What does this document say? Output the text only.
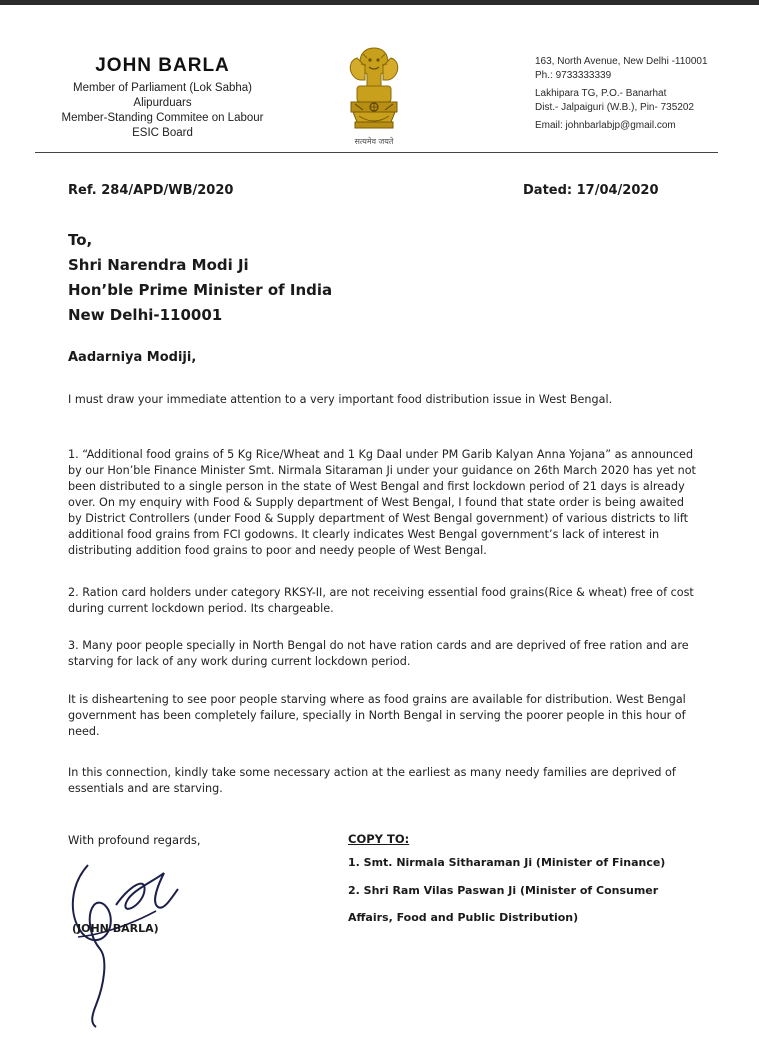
JOHN BARLA
Member of Parliament (Lok Sabha)
Alipurduars
Member-Standing Commitee on Labour
ESIC Board
सत्यमेव जयते
163, North Avenue, New Delhi -110001
Ph.: 9733333339
Lakhipara TG, P.O.- Banarhat
Dist.- Jalpaiguri (W.B.), Pin- 735202
Email: johnbarlabjp@gmail.com
Ref. 284/APD/WB/2020	Dated: 17/04/2020
To,
Shri Narendra Modi Ji
Hon’ble Prime Minister of India
New Delhi-110001
Aadarniya Modiji,
I must draw your immediate attention to a very important food distribution issue in West Bengal.
1. “Additional food grains of 5 Kg Rice/Wheat and 1 Kg Daal under PM Garib Kalyan Anna Yojana” as announced by our Hon’ble Finance Minister Smt. Nirmala Sitaraman Ji under your guidance on 26th March 2020 has yet not been distributed to a single person in the state of West Bengal and first lockdown period of 21 days is already over. On my enquiry with Food & Supply department of West Bengal, I found that state order is being awaited by District Controllers (under Food & Supply department of West Bengal government) of various districts to lift additional food grains from FCI godowns. It clearly indicates West Bengal government’s lack of interest in distributing addition food grains to poor and needy people of West Bengal.
2. Ration card holders under category RKSY-II, are not receiving essential food grains(Rice & wheat) free of cost during current lockdown period. Its chargeable.
3. Many poor people specially in North Bengal do not have ration cards and are deprived of free ration and are starving for lack of any work during current lockdown period.
It is disheartening to see poor people starving where as food grains are available for distribution. West Bengal government has been completely failure, specially in North Bengal in serving the poorer people in this hour of need.
In this connection, kindly take some necessary action at the earliest as many needy families are deprived of essentials and are starving.
With profound regards,
(JOHN BARLA)
COPY TO:
1. Smt. Nirmala Sitharaman Ji (Minister of Finance)
2. Shri Ram Vilas Paswan Ji (Minister of Consumer Affairs, Food and Public Distribution)
